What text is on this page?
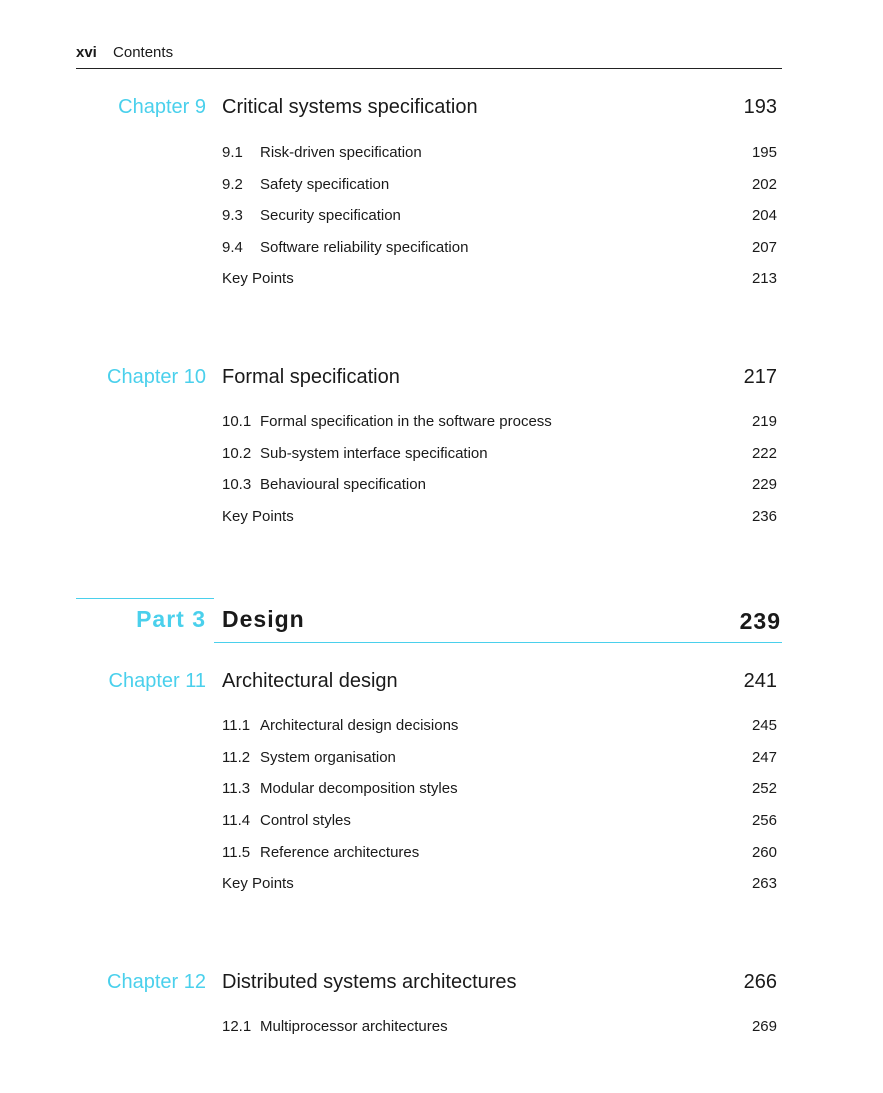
xvi Contents
Chapter 9 Critical systems specification	193
9.1 Risk-driven specification	195
9.2 Safety specification	202
9.3 Security specification	204
9.4 Software reliability specification	207
Key Points	213
Chapter 10 Formal specification	217
10.1 Formal specification in the software process	219
10.2 Sub-system interface specification	222
10.3 Behavioural specification	229
Key Points	236
Part 3 Design	239
Chapter 11 Architectural design	241
11.1 Architectural design decisions	245
11.2 System organisation	247
11.3 Modular decomposition styles	252
11.4 Control styles	256
11.5 Reference architectures	260
Key Points	263
Chapter 12 Distributed systems architectures	266
12.1 Multiprocessor architectures	269
